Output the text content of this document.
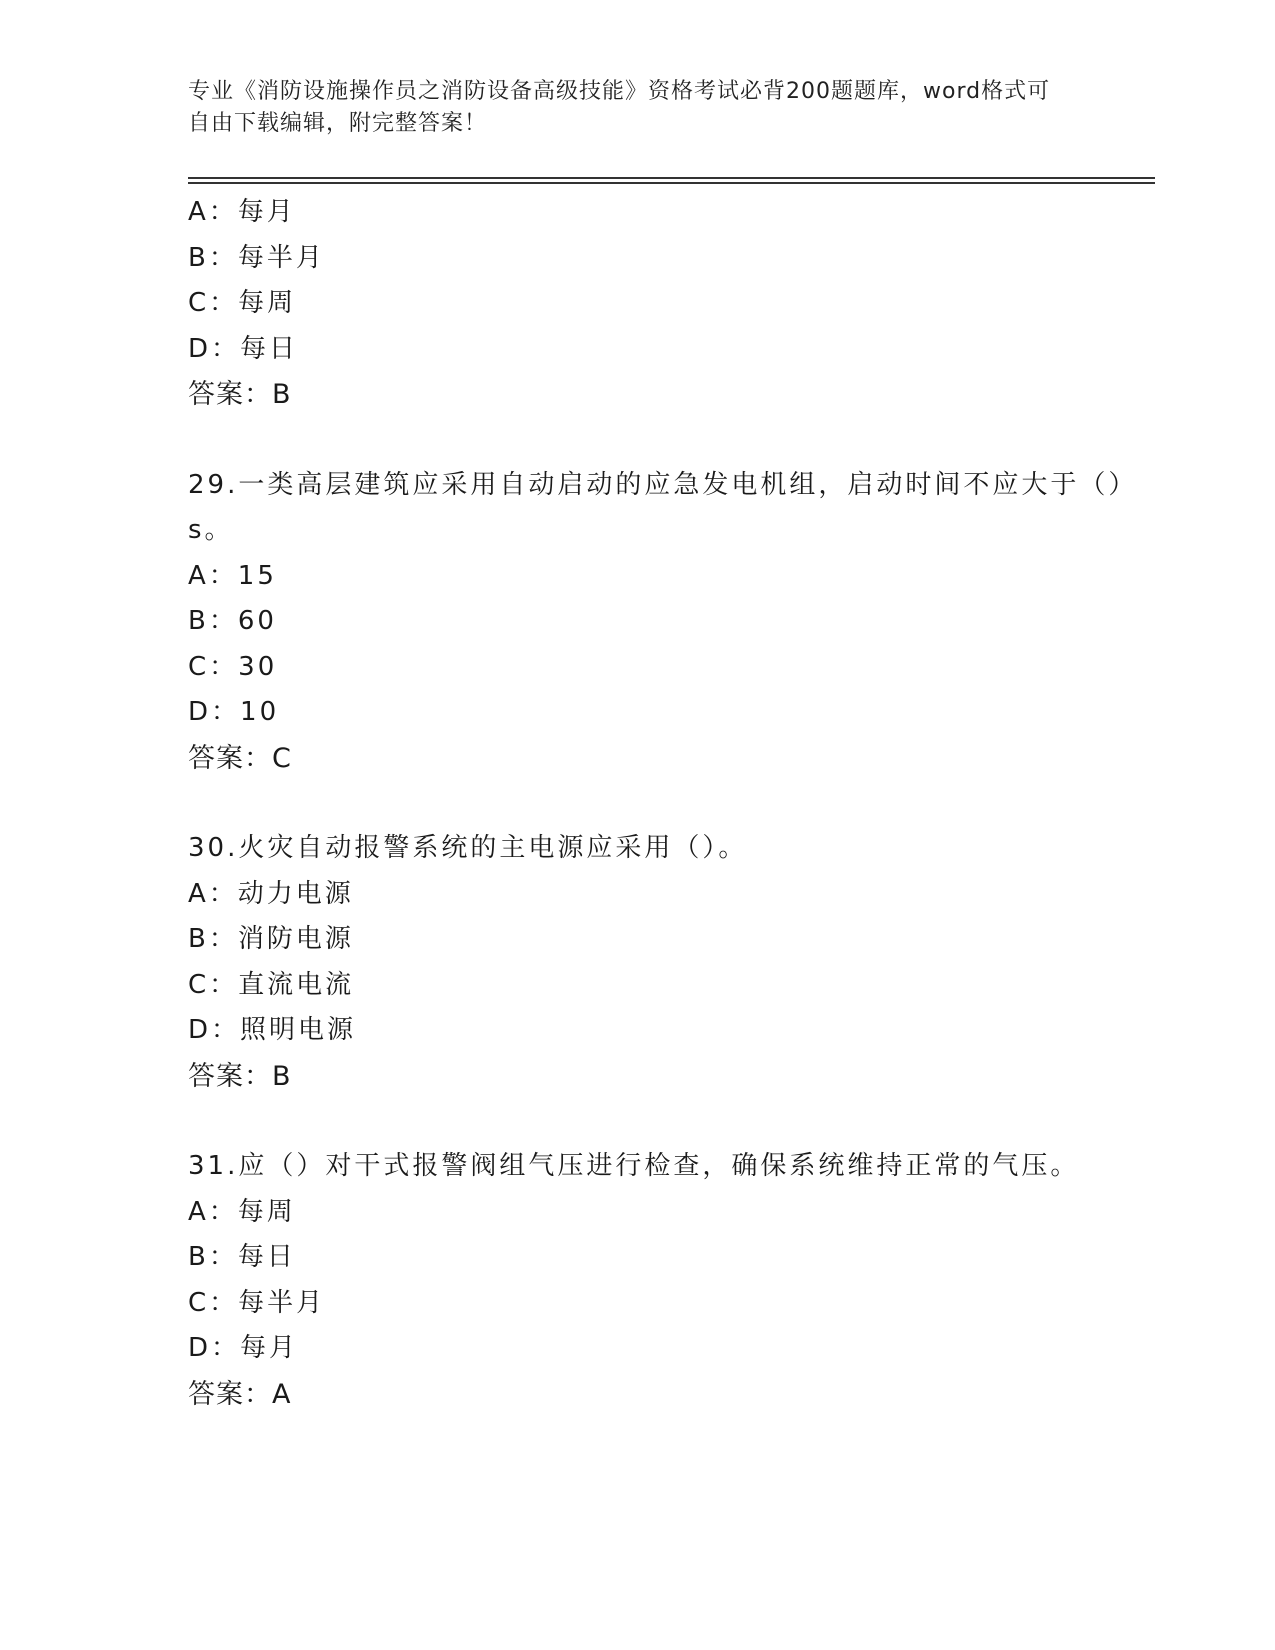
专业《消防设施操作员之消防设备高级技能》资格考试必背200题题库，word格式可自由下载编辑，附完整答案！
A：每月
B：每半月
C：每周
D：每日
答案：B
29.一类高层建筑应采用自动启动的应急发电机组，启动时间不应大于（）s。
A：15
B：60
C：30
D：10
答案：C
30.火灾自动报警系统的主电源应采用（）。
A：动力电源
B：消防电源
C：直流电流
D：照明电源
答案：B
31.应（）对干式报警阀组气压进行检查，确保系统维持正常的气压。
A：每周
B：每日
C：每半月
D：每月
答案：A
